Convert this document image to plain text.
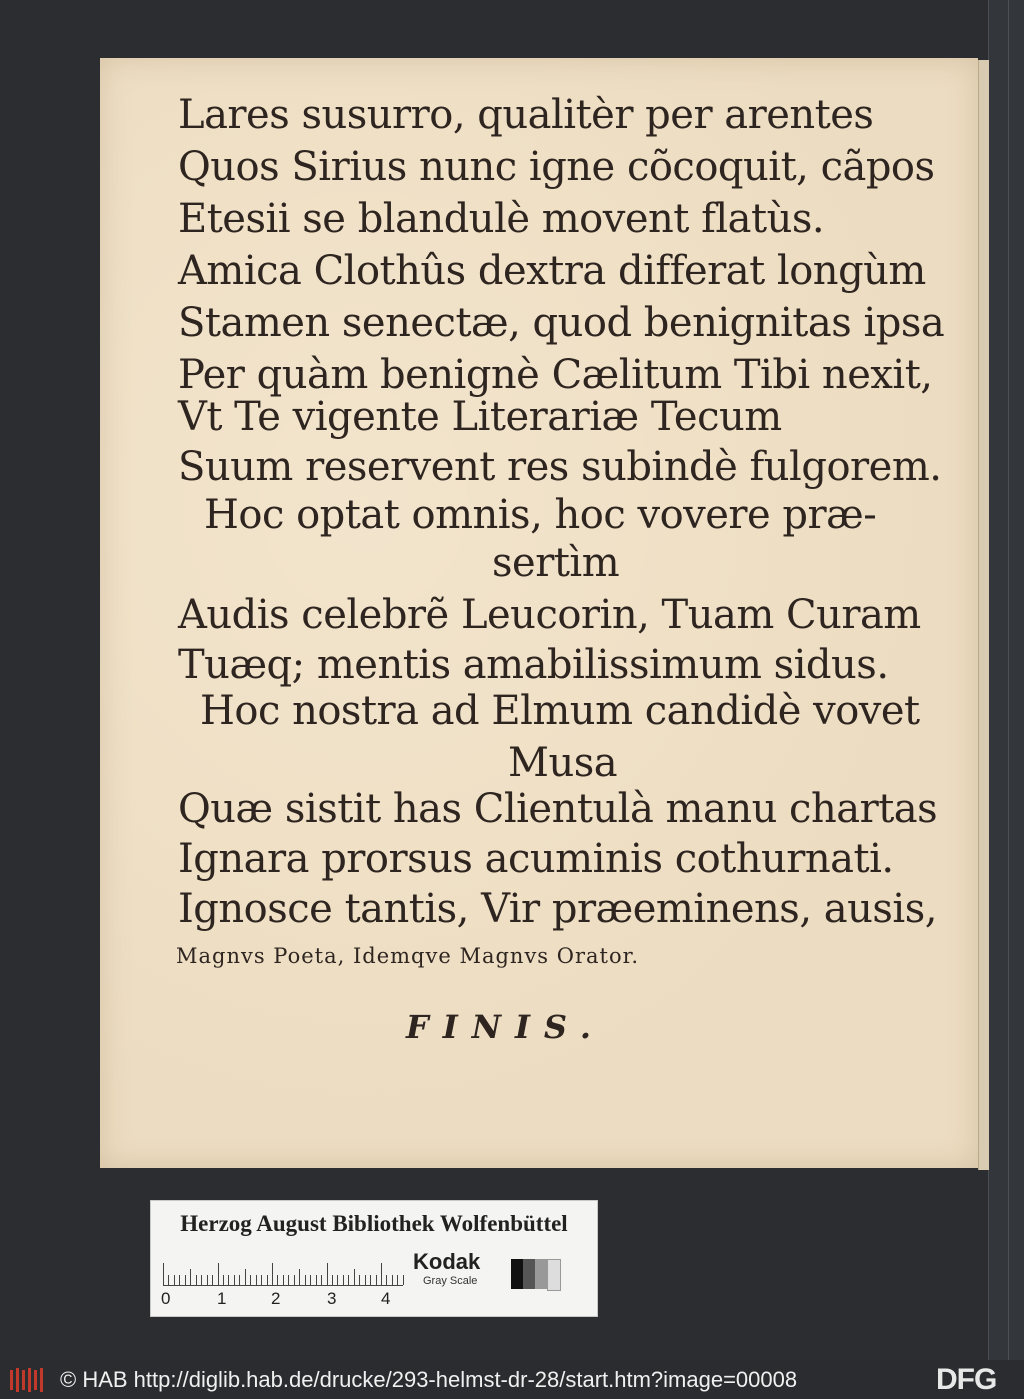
Lares susurro, qualitèr per arentes
Quos Sirius nunc igne cõcoquit, cãpos
Etesii se blandulè movent flatùs.
Amica Clothûs dextra differat longùm
Stamen senectæ, quod benignitas ipsa
Per quàm benignè Cælitum Tibi nexit,
Vt Te vigente Literariæ Tecum
Suum reservent res subindè fulgorem.
Hoc optat omnis, hoc vovere præ-
sertìm
Audis celebrẽ Leucorin, Tuam Curam
Tuæq; mentis amabilissimum sidus.
Hoc nostra ad Elmum candidè vovet
Musa
Quæ sistit has Clientulà manu chartas
Ignara prorsus acuminis cothurnati.
Ignosce tantis, Vir præeminens, ausis,
Magnvs Poeta, Idemqve Magnvs Orator.
FINIS.
Herzog August Bibliothek Wolfenbüttel
0	1	2	3	4
Kodak
Gray Scale
© HAB http://diglib.hab.de/drucke/293-helmst-dr-28/start.htm?image=00008	DFG
